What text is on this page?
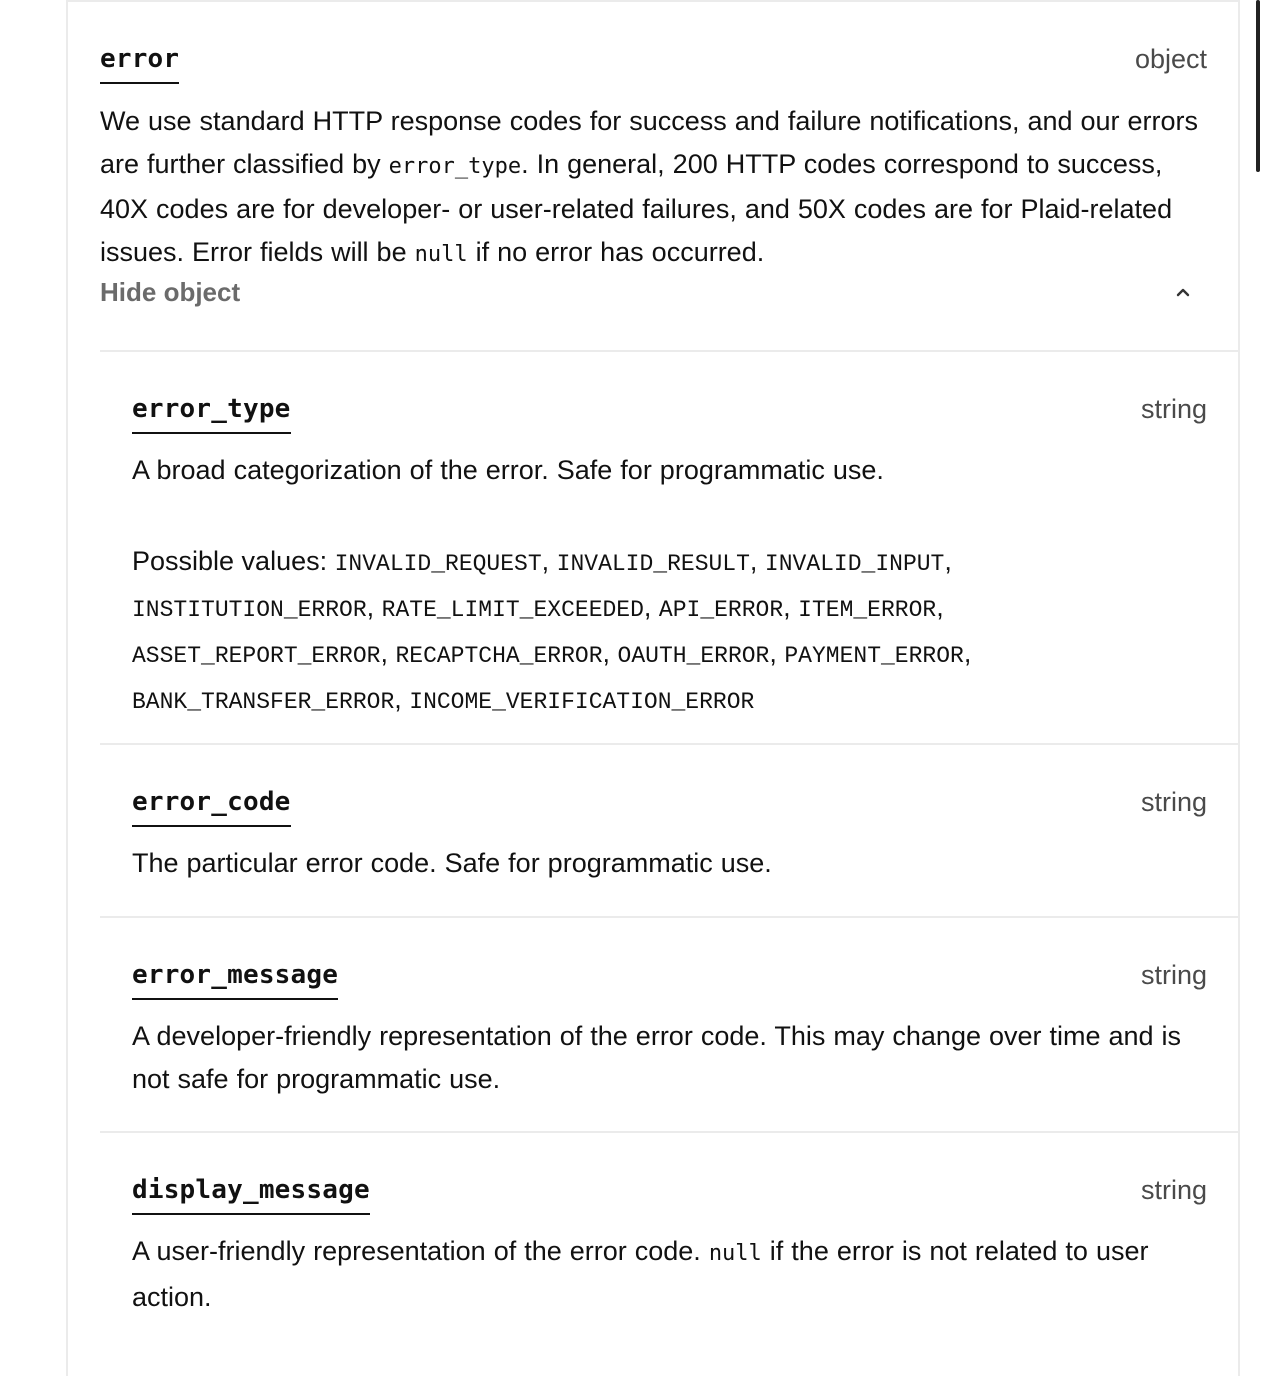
error	object
We use standard HTTP response codes for success and failure notifications, and our errors are further classified by error_type. In general, 200 HTTP codes correspond to success, 40X codes are for developer- or user-related failures, and 50X codes are for Plaid-related issues. Error fields will be null if no error has occurred.
Hide object
error_type	string
A broad categorization of the error. Safe for programmatic use.
Possible values: INVALID_REQUEST, INVALID_RESULT, INVALID_INPUT, INSTITUTION_ERROR, RATE_LIMIT_EXCEEDED, API_ERROR, ITEM_ERROR, ASSET_REPORT_ERROR, RECAPTCHA_ERROR, OAUTH_ERROR, PAYMENT_ERROR, BANK_TRANSFER_ERROR, INCOME_VERIFICATION_ERROR
error_code	string
The particular error code. Safe for programmatic use.
error_message	string
A developer-friendly representation of the error code. This may change over time and is not safe for programmatic use.
display_message	string
A user-friendly representation of the error code. null if the error is not related to user action.
